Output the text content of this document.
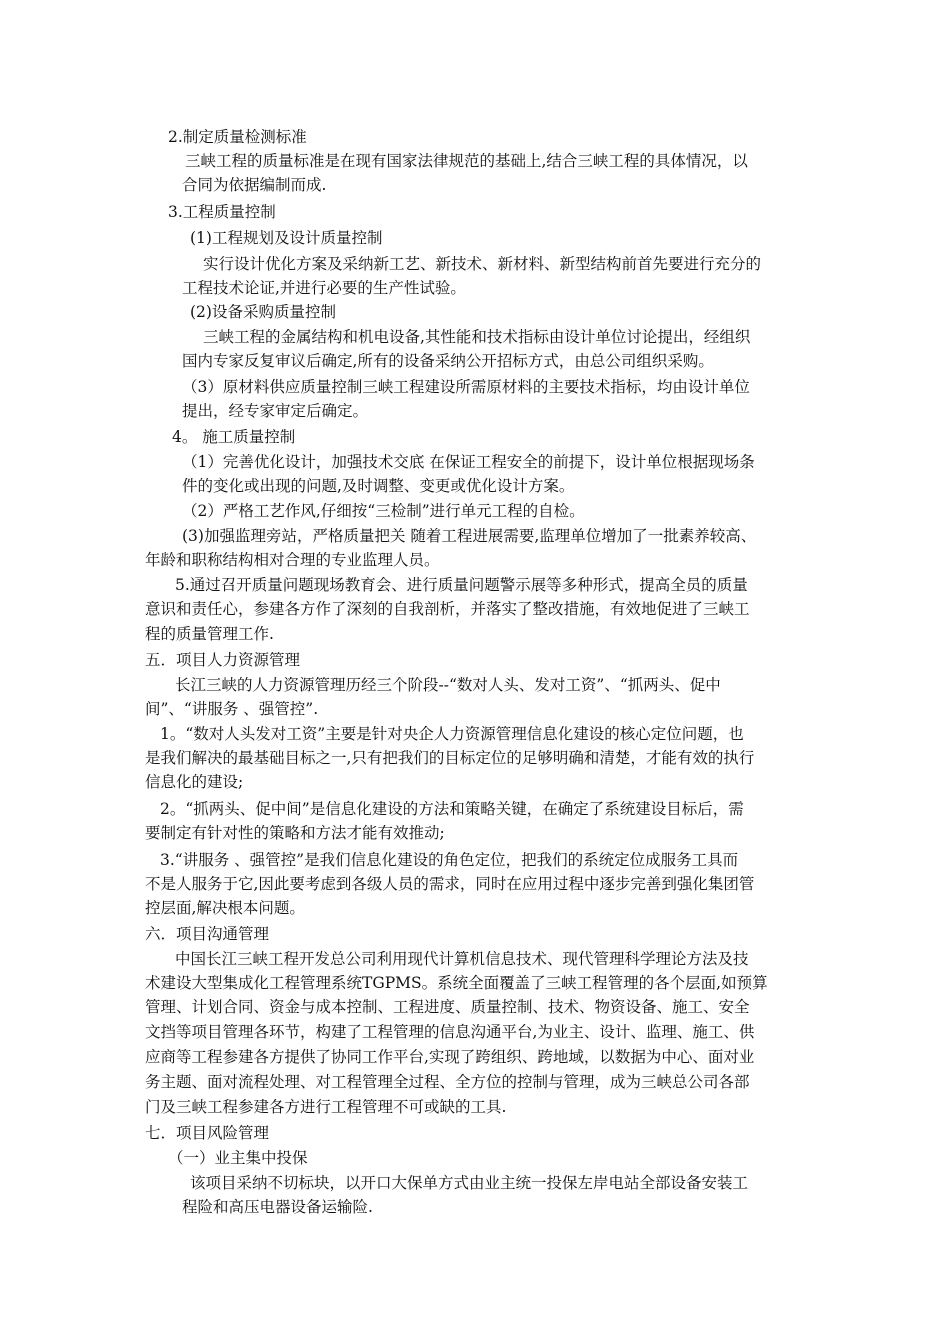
2.制定质量检测标准

三峡工程的质量标准是在现有国家法律规范的基础上,结合三峡工程的具体情况，以

合同为依据编制而成.

3.工程质量控制

(1)工程规划及设计质量控制

实行设计优化方案及采纳新工艺、新技术、新材料、新型结构前首先要进行充分的

工程技术论证,并进行必要的生产性试验。

(2)设备采购质量控制

三峡工程的金属结构和机电设备,其性能和技术指标由设计单位讨论提出，经组织

国内专家反复审议后确定,所有的设备采纳公开招标方式，由总公司组织采购。

（3）原材料供应质量控制三峡工程建设所需原材料的主要技术指标，均由设计单位

提出，经专家审定后确定。

4。 施工质量控制

（1）完善优化设计，加强技术交底 在保证工程安全的前提下，设计单位根据现场条

件的变化或出现的问题,及时调整、变更或优化设计方案。

（2）严格工艺作风,仔细按“三检制”进行单元工程的自检。

(3)加强监理旁站，严格质量把关 随着工程进展需要,监理单位增加了一批素养较高、

年龄和职称结构相对合理的专业监理人员。

5.通过召开质量问题现场教育会、进行质量问题警示展等多种形式，提高全员的质量

意识和责任心，参建各方作了深刻的自我剖析，并落实了整改措施，有效地促进了三峡工

程的质量管理工作.

五．项目人力资源管理

长江三峡的人力资源管理历经三个阶段--“数对人头、发对工资”、“抓两头、促中

间”、“讲服务 、强管控”.

1。“数对人头发对工资”主要是针对央企人力资源管理信息化建设的核心定位问题，也

是我们解决的最基础目标之一,只有把我们的目标定位的足够明确和清楚，才能有效的执行

信息化的建设;

2。“抓两头、促中间”是信息化建设的方法和策略关键，在确定了系统建设目标后，需

要制定有针对性的策略和方法才能有效推动;

3.“讲服务 、强管控”是我们信息化建设的角色定位，把我们的系统定位成服务工具而

不是人服务于它,因此要考虑到各级人员的需求，同时在应用过程中逐步完善到强化集团管

控层面,解决根本问题。

六．项目沟通管理

中国长江三峡工程开发总公司利用现代计算机信息技术、现代管理科学理论方法及技

术建设大型集成化工程管理系统TGPMS。系统全面覆盖了三峡工程管理的各个层面,如预算

管理、计划合同、资金与成本控制、工程进度、质量控制、技术、物资设备、施工、安全

文挡等项目管理各环节，构建了工程管理的信息沟通平台,为业主、设计、监理、施工、供

应商等工程参建各方提供了协同工作平台,实现了跨组织、跨地域，以数据为中心、面对业

务主题、面对流程处理、对工程管理全过程、全方位的控制与管理，成为三峡总公司各部

门及三峡工程参建各方进行工程管理不可或缺的工具.

七．项目风险管理

（一）业主集中投保

该项目采纳不切标块，以开口大保单方式由业主统一投保左岸电站全部设备安装工

程险和高压电器设备运输险.
